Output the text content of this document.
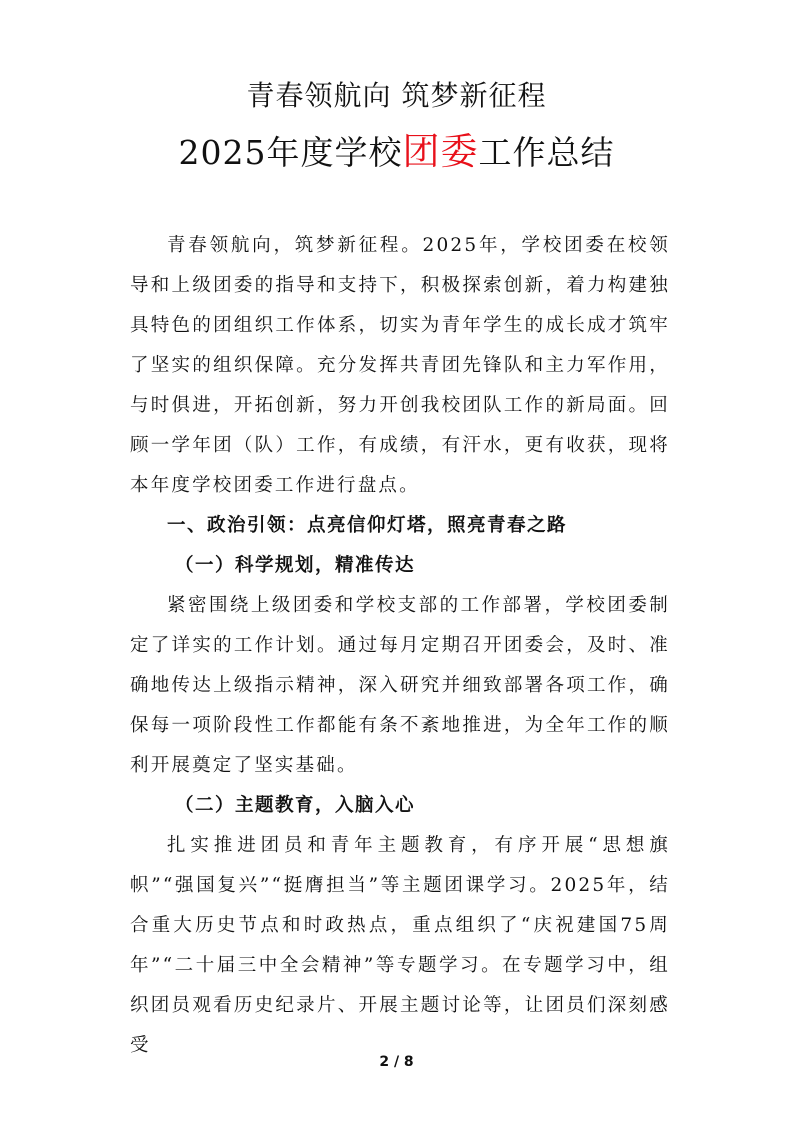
青春领航向 筑梦新征程
2025年度学校团委工作总结

青春领航向，筑梦新征程。2025年，学校团委在校领导和上级团委的指导和支持下，积极探索创新，着力构建独具特色的团组织工作体系，切实为青年学生的成长成才筑牢了坚实的组织保障。充分发挥共青团先锋队和主力军作用，与时俱进，开拓创新，努力开创我校团队工作的新局面。回顾一学年团（队）工作，有成绩，有汗水，更有收获，现将本年度学校团委工作进行盘点。

一、政治引领：点亮信仰灯塔，照亮青春之路

（一）科学规划，精准传达

紧密围绕上级团委和学校支部的工作部署，学校团委制定了详实的工作计划。通过每月定期召开团委会，及时、准确地传达上级指示精神，深入研究并细致部署各项工作，确保每一项阶段性工作都能有条不紊地推进，为全年工作的顺利开展奠定了坚实基础。

（二）主题教育，入脑入心

扎实推进团员和青年主题教育，有序开展“思想旗帜”“强国复兴”“挺膺担当”等主题团课学习。2025年，结合重大历史节点和时政热点，重点组织了“庆祝建国75周年”“二十届三中全会精神”等专题学习。在专题学习中，组织团员观看历史纪录片、开展主题讨论等，让团员们深刻感受

2 / 8
